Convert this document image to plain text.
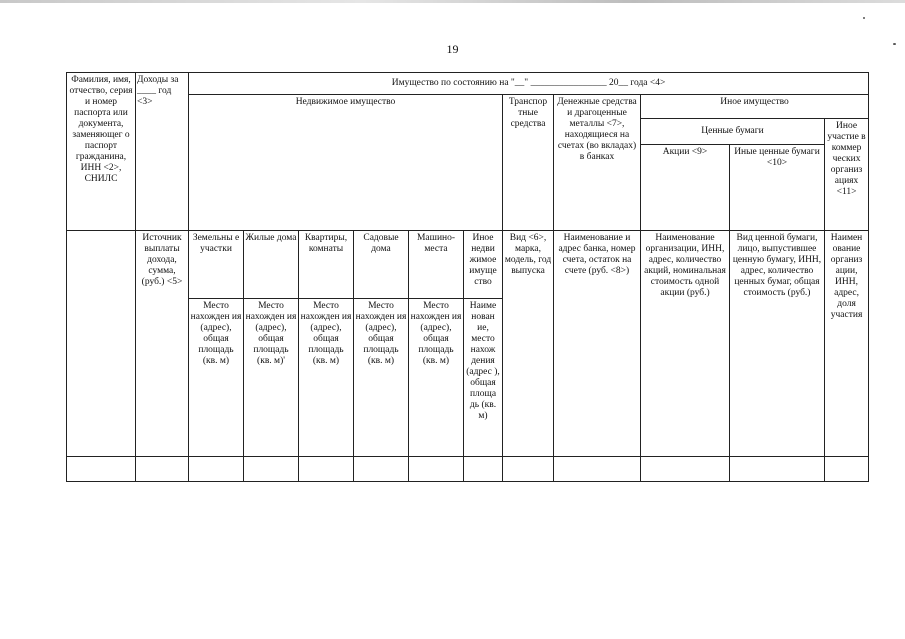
19
Фамилия, имя, отчество, серия и номер паспорта или документа, заменяющег о паспорт гражданина, ИНН <2>, СНИЛС	Доходы за ____ год <3>	Имущество по состоянию на "__" ________________ 20__ года <4>										
		Недвижимое имущество						Транспор тные средства	Денежные средства и драгоценные металлы <7>, находящиеся на счетах (во вкладах) в банках	Иное имущество		
										Ценные бумаги		Иное участие в коммер ческих организ ациях <11>
										Акции <9>	Иные ценные бумаги <10>	
	Источник выплаты дохода, сумма, (руб.) <5>	Земельны е участки	Жилые дома	Квартиры, комнаты	Садовые дома	Машино- места	Иное недви жимое имуще ство	Вид <6>, марка, модель, год выпуска	Наименование и адрес банка, номер счета, остаток на счете (руб. <8>)	Наименование организации, ИНН, адрес, количество акций, номинальная стоимость одной акции (руб.)	Вид ценной бумаги, лицо, выпустившее ценную бумагу, ИНН, адрес, количество ценных бумаг, общая стоимость (руб.)	Наимен ование организ ации, ИНН, адрес, доля участия
		Место нахожден ия (адрес), общая площадь (кв. м)	Место нахожден ия (адрес), общая площадь (кв. м)'	Место нахожден ия (адрес), общая площадь (кв. м)	Место нахожден ия (адрес), общая площадь (кв. м)	Место нахожден ия (адрес), общая площадь (кв. м)	Наиме нован ие, место нахож дения (адрес ), общая площа дь (кв. м)					
